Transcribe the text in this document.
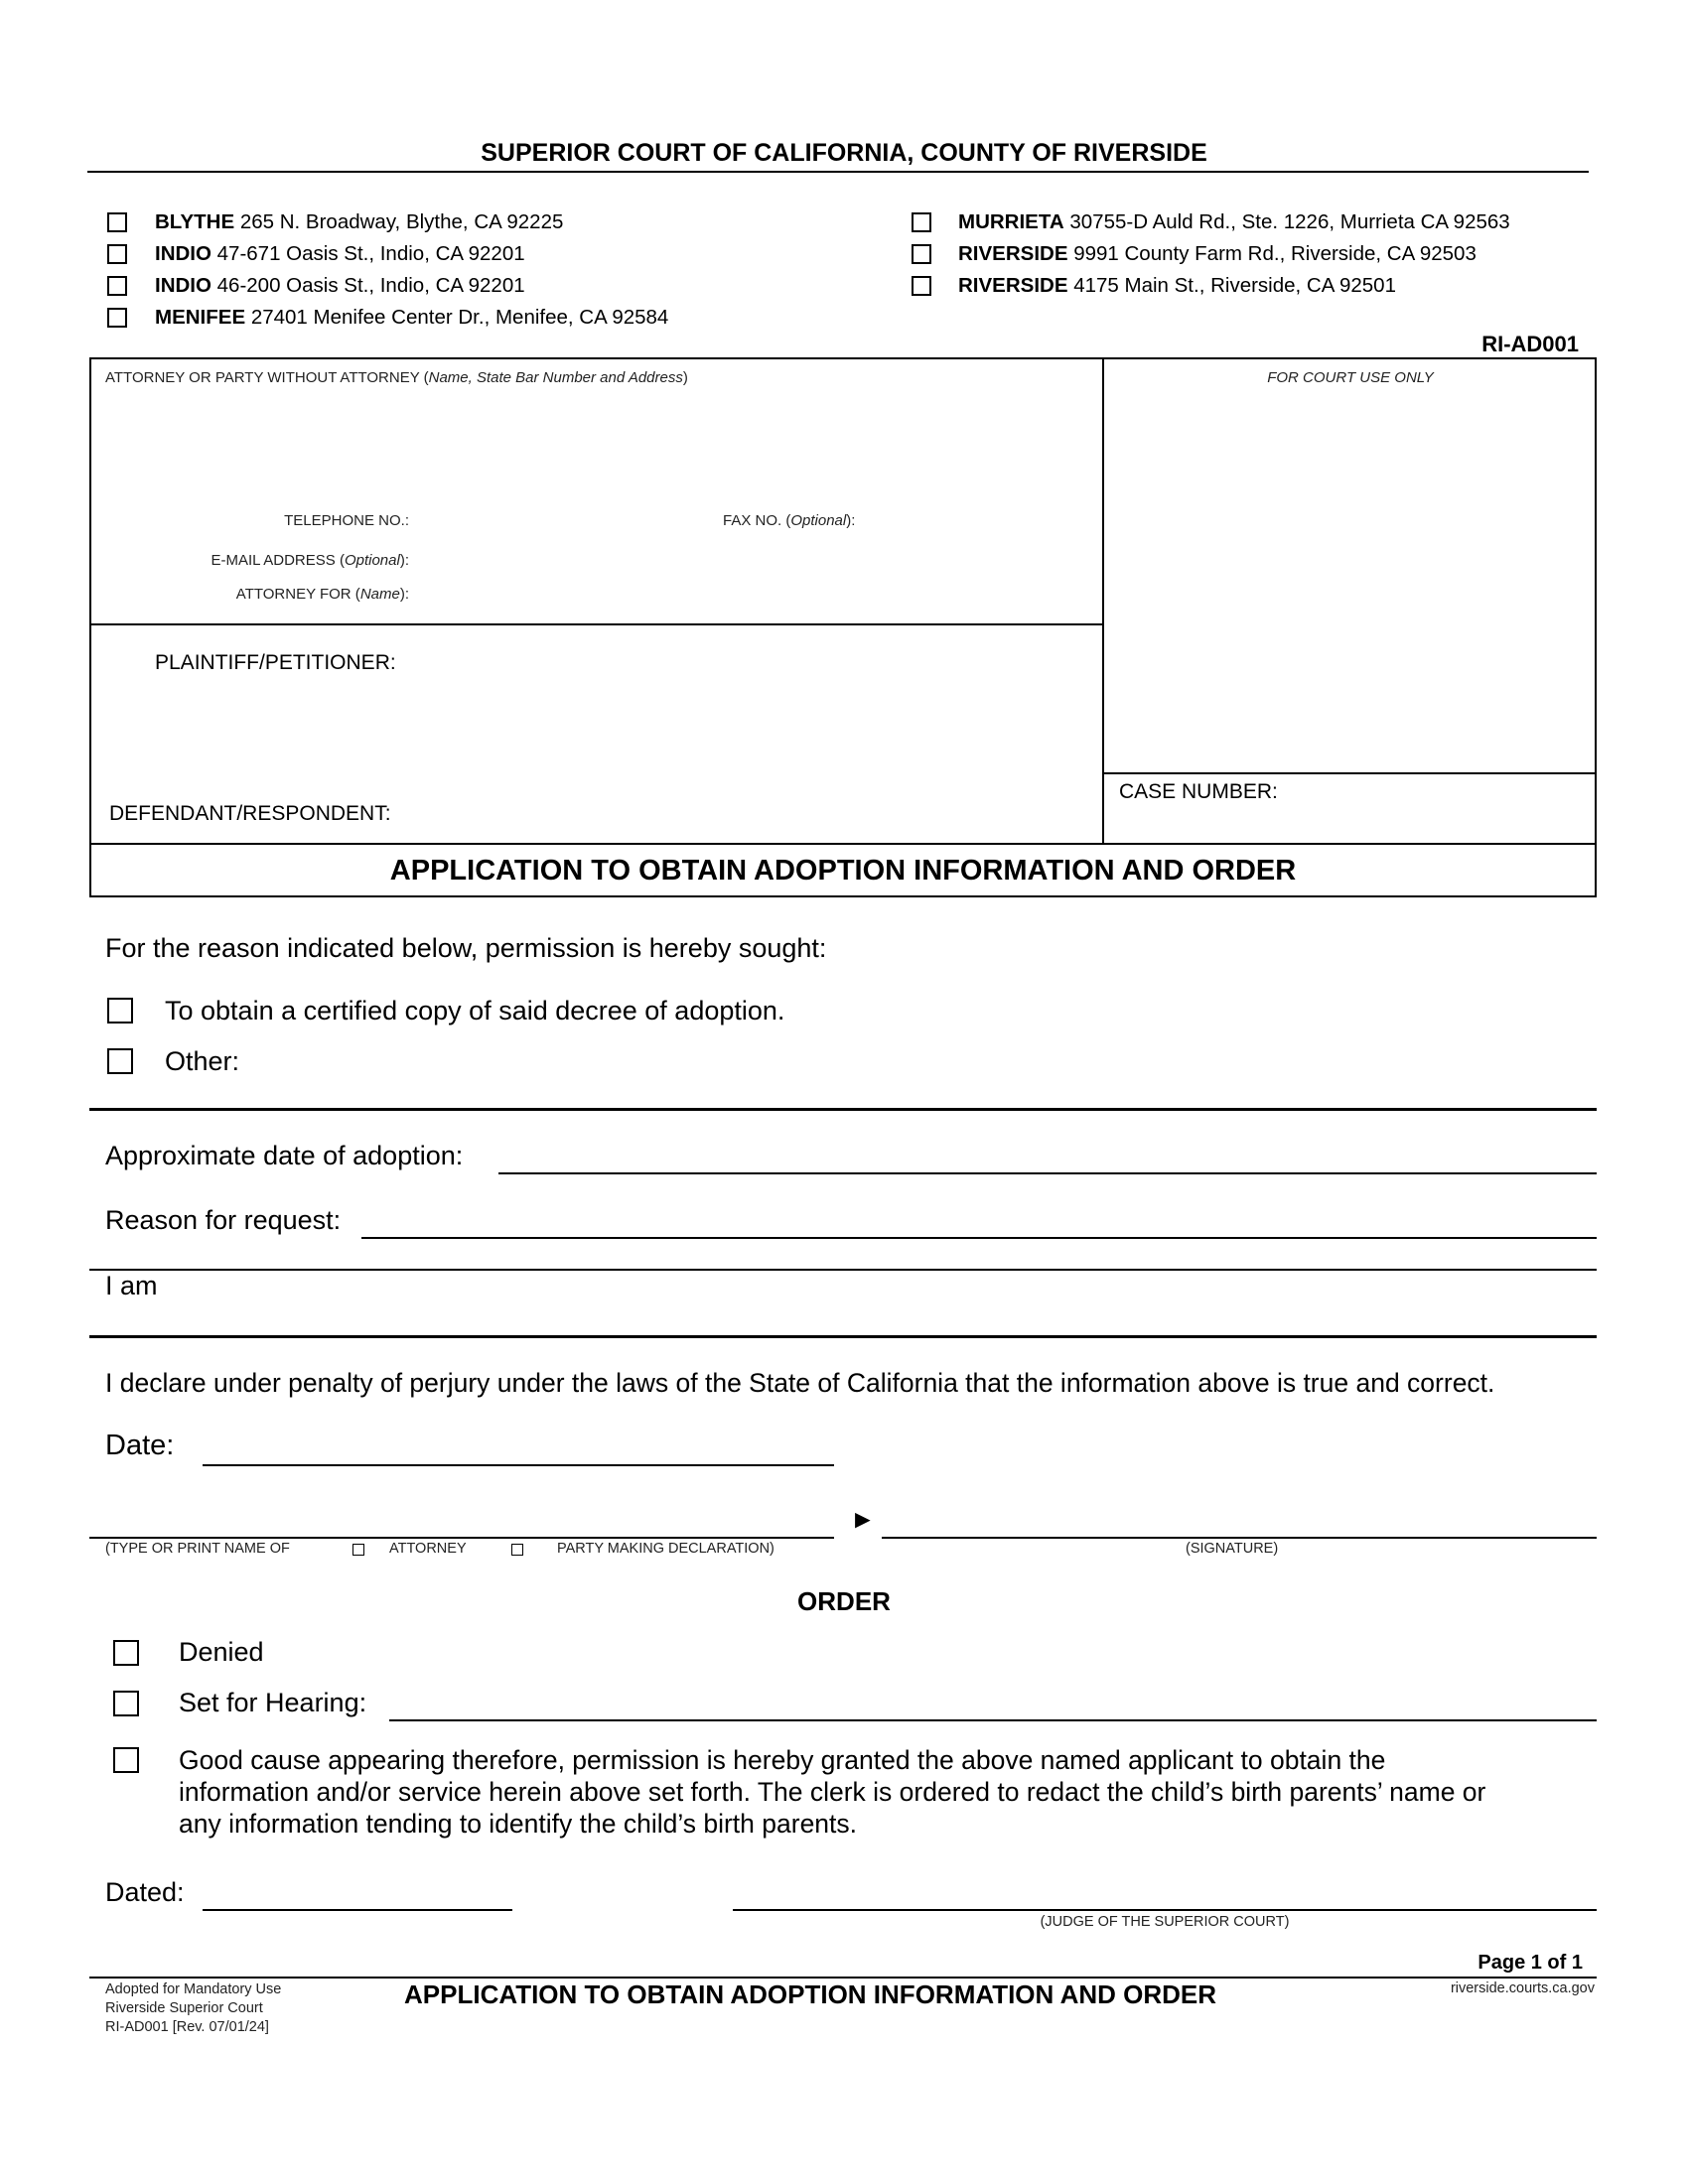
SUPERIOR COURT OF CALIFORNIA, COUNTY OF RIVERSIDE
BLYTHE 265 N. Broadway, Blythe, CA 92225
INDIO 47-671 Oasis St., Indio, CA 92201
INDIO 46-200 Oasis St., Indio, CA 92201
MENIFEE 27401 Menifee Center Dr., Menifee, CA 92584
MURRIETA 30755-D Auld Rd., Ste. 1226, Murrieta CA 92563
RIVERSIDE 9991 County Farm Rd., Riverside, CA 92503
RIVERSIDE 4175 Main St., Riverside, CA 92501
RI-AD001
ATTORNEY OR PARTY WITHOUT ATTORNEY (Name, State Bar Number and Address)	FOR COURT USE ONLY
TELEPHONE NO.:	FAX NO. (Optional):
E-MAIL ADDRESS (Optional):
ATTORNEY FOR (Name):
PLAINTIFF/PETITIONER:
DEFENDANT/RESPONDENT:
CASE NUMBER:
APPLICATION TO OBTAIN ADOPTION INFORMATION AND ORDER
For the reason indicated below, permission is hereby sought:
To obtain a certified copy of said decree of adoption.
Other:
Approximate date of adoption:
Reason for request:
I am
I declare under penalty of perjury under the laws of the State of California that the information above is true and correct.
Date:
►
(TYPE OR PRINT NAME OF	ATTORNEY	PARTY MAKING DECLARATION)	(SIGNATURE)
ORDER
Denied
Set for Hearing:
Good cause appearing therefore, permission is hereby granted the above named applicant to obtain the
information and/or service herein above set forth. The clerk is ordered to redact the child’s birth parents’ name or
any information tending to identify the child’s birth parents.
Dated:
(JUDGE OF THE SUPERIOR COURT)
Page 1 of 1
Adopted for Mandatory Use
Riverside Superior Court
RI-AD001 [Rev. 07/01/24]
APPLICATION TO OBTAIN ADOPTION INFORMATION AND ORDER	riverside.courts.ca.gov
